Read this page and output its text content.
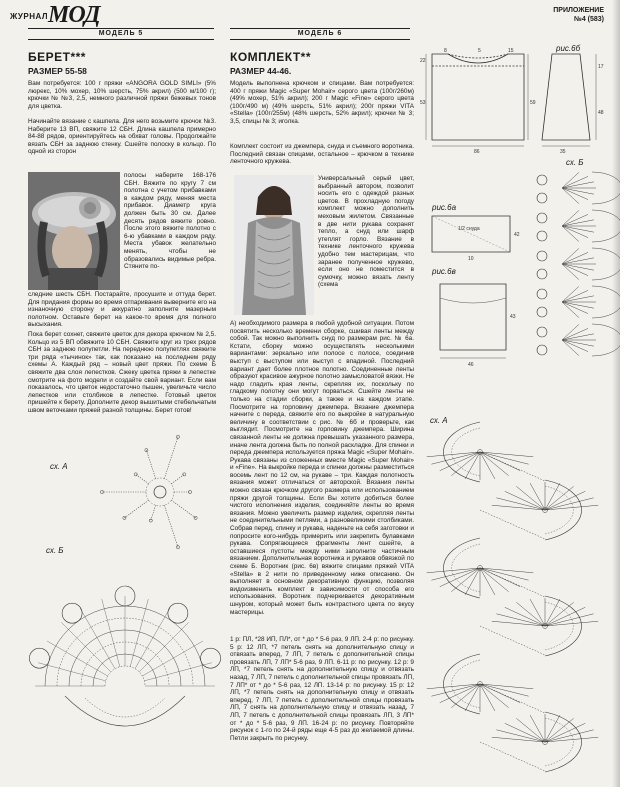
ЖУРНАЛ МОД	ПРИЛОЖЕНИЕ
№4 (583)
МОДЕЛЬ 5	МОДЕЛЬ 6
БЕРЕТ***
РАЗМЕР 55-58
Вам потребуется: 100 г пряжи «ANGORA GOLD SIMLI» (5% люрекс, 10% мохер, 10% шерсть, 75% акрил) (500 м/100 г); крючки № №3, 2,5, немного различной пряжи бежевых тонов для цветка.
Начинайте вязание с кашпела. Для него возьмите крючок №3. Наберите 13 ВП, свяжите 12 СБН. Длина кашпела примерно 84-88 рядов, ориентируйтесь на обхват головы. Продолжайте вязать СБН за заднюю стенку. Сшейте полоску в кольцо. По одной из сторон
полосы наберите 168-176 СБН. Вяжите по кругу 7 см полотна с учетом прибавками в каждом ряду, меняя места прибавок. Диаметр круга должен быть 30 см. Далее десять рядов вяжите ровно. После этого вяжите полотно с 6-ю убавками в каждом ряду. Места убавок желательно менять, чтобы не образовались видимые ребра. Стяните по-
следние шесть СБН. Постарайте, просушите и оттуда берет. Для придания формы во время отпаривания выверните его на изнаночную сторону и аккуратно заполните мазерным полотном. Оставьте берет на какое-то время для полного высыхания.
Пока берет сохнет, свяжите цветок для декора крючком № 2,5. Кольцо из 5 ВП обвяжите 10 СБН. Свяжите круг из трех рядов СБН за заднюю полупетли. На переднюю полупетлях свяжите три ряда «тычинок» так, как показано на последнем ряду схемы А. Каждый ряд – новый цвет пряжи. По схеме Б свяжите два слоя лепестков. Сжеку цветка пряжи в лепестке смотрите на фото модели и создайте свой вариант. Если вам показалось, что цветок недостаточно пышен, увеличьте число лепестков или столбиков в лепестке. Готовый цветок пришейте к берету. Дополните декор вышитыми стебельчатым швом веточками пряжей разной толщины. Берет готов!
сх. А
сх. Б
КОМПЛЕКТ**
РАЗМЕР 44-46.
Модель выполнена крючком и спицами. Вам потребуется: 400 г пряжи Magic «Super Mohair» серого цвета (100г/260м) (49% мохер, 51% акрил); 200 г Magic «Fine» серого цвета (100г/490 м) (49% шерсть, 51% акрил); 200г пряжи VITA «Stella» (100г/255м) (48% шерсть, 52% акрил); крючки № 3; 3,5, спицы № 3; иголка.
Комплект состоит из джемпера, снуда и съемного воротника. Последний связан спицами, остальное – крючком в технике ленточного кружева.
Универсальный серый цвет, выбранный автором, позволит носить его с одеждой разных цветов. В прохладную погоду комплект можно дополнить меховым жилетом. Связанные в две нити рукава сохранят тепло, а снуд или шарф утеплят горло. Вязание в технике ленточного кружева удобно тем мастерицам, что заранее полученное кружево, если оно не поместится в сумочку, можно вязать ленту (схема
А) необходимого размера в любой удобной ситуации. Потом посвятить несколько времени сборке, сшивая ленты между собой. Так можно выполнить снуд по размерам рис. № 6а. Кстати, сборку можно осуществлять несколькими вариантами: зеркально или полосе с полосе, соединив выступ с выступом или выступ с впадиной. Последний вариант дает более плотное полотно. Соединенные ленты образуют красивое ажурное полотно замысловатой вязки. Не надо гладить края ленты, скрепляя их, поскольку по гладкому полотну они могут порваться. Сшейте ленты не только на стадии сборки, а также и на каждом этапе. Посмотрите на горловину джемпера. Вязание джемпера начните с переда, свяжите его по выкройке в натуральную величину в соответствии с рис. № 6б и проверьте, как выглядит. Посмотрите на горловину джемпера. Ширина связанной ленты не должна превышать указанного размера, иначе лента должна быть по полной раскладке. Для спинки и переда джемпера используется пряжа Magic «Super Mohair». Рукава связаны из сложенных вместе Magic «Super Mohair» и «Fine». На выкройке переда и спинки должны разместиться восемь лент по 12 см, на рукаве – три. Каждая полотность вязания может отличаться от авторской. Вязания ленты можно связан крючком другого размера или использованием пряжи другой толщины. Если Вы хотите добиться более чистого исполнения изделия, соединяйте ленты во время вязания. Можно увеличить размер изделия, скрепляя ленты не соединительными петлями, а разновеликими столбиками. Собрав перед, спинку и рукава, наденьте на себя заготовки и попросите кого-нибудь примерить или закрепить булавками рукава. Сопрягающиеся фрагменты лент сшейте, а оставшиеся пустоты между ними заполните частичным вязанием. Дополнительная воротника и рукавов обвязкой по схеме Б. Воротник (рис. 6в) вяжите спицами пряжей VITA «Stella» в 2 нити по приведенному ниже описанию. Он выполняет в основном декоративную функцию, позволяя видоизменить комплект в зависимости от способа его использования. Воротник подчеркивается декоративным шнуром, который может быть контрастного цвета по вкусу мастерицы.
1 р: ПЛ, *28 ИП, ПЛ*, от * до * 5-6 раз, 9 ЛП. 2-4 р: по рисунку. 5 р: 12 ЛП, *7 петель снять на дополнительную спицу и отвязать вперед, 7 ЛП, 7 петель с дополнительной спицы провязать ЛП, 7 ЛП* 5-6 раз, 9 ЛП. 6-11 р: по рисунку. 12 р: 9 ЛП, *7 петель снять на дополнительную спицу и отвязать назад, 7 ЛП, 7 петель с дополнительной спицы провязать ЛП, 7 ЛП* от * до * 5-6 раз, 12 ЛП. 13-14 р: по рисунку. 15 р: 12 ЛП, *7 петель снять на дополнительную спицу и отвязать вперед, 7 ЛП, 7 петель с дополнительной спицы провязать ЛП, 7 снять на дополнительную спицу и отвязать назад, 7 ЛП, 7 петель с дополнительной спицы провязать ЛП, 3 ЛП* от * до * 5-6 раз, 9 ЛП. 16-24 р: по рисунку. Повторяйте рисунок с 1-го по 24-й ряды еще 4-5 раз до желаемой длины. Петли закрыть по рисунку.
рис.6б
8	5	15
22
53	59
86
17
48
35
сх. Б
рис.6а
1/2 снуда
42
10
рис.6в
43
46
сх. А
